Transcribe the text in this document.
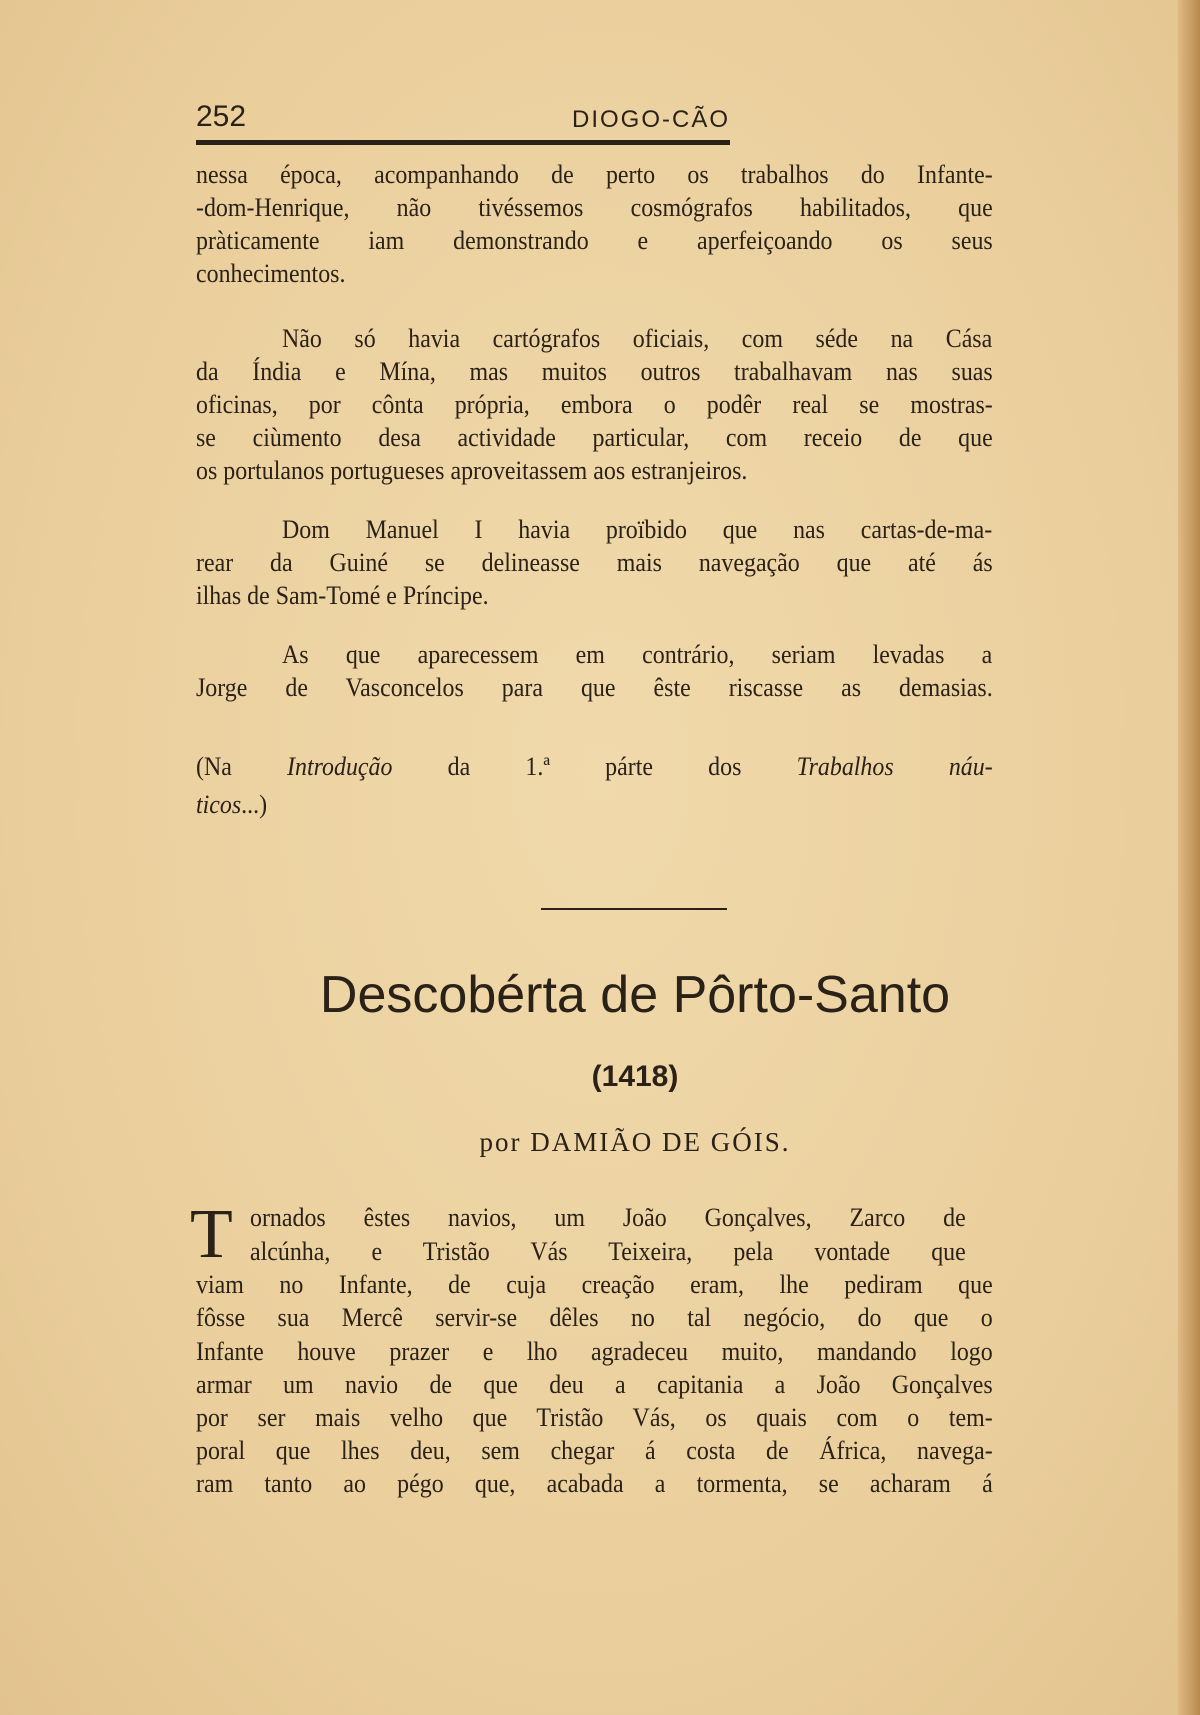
252	DIOGO-CÃO
nessa época, acompanhando de perto os trabalhos do Infante-
-dom-Henrique, não tivéssemos cosmógrafos habilitados, que
pràticamente iam demonstrando e aperfeiçoando os seus
conhecimentos.
Não só havia cartógrafos oficiais, com séde na Cása
da Índia e Mína, mas muitos outros trabalhavam nas suas
oficinas, por cônta própria, embora o podêr real se mostras-
se ciùmento desa actividade particular, com receio de que
os portulanos portugueses aproveitassem aos estranjeiros.
Dom Manuel I havia proïbido que nas cartas-de-ma-
rear da Guiné se delineasse mais navegação que até ás
ilhas de Sam-Tomé e Príncipe.
As que aparecessem em contrário, seriam levadas a
Jorge de Vasconcelos para que êste riscasse as demasias.
(Na Introdução da 1.ª párte dos Trabalhos náu-
ticos...)
Descobérta de Pôrto-Santo
(1418)
por DAMIÃO DE GÓIS.
T ornados êstes navios, um João Gonçalves, Zarco de
alcúnha, e Tristão Vás Teixeira, pela vontade que
viam no Infante, de cuja creação eram, lhe pediram que
fôsse sua Mercê servir-se dêles no tal negócio, do que o
Infante houve prazer e lho agradeceu muito, mandando logo
armar um navio de que deu a capitania a João Gonçalves
por ser mais velho que Tristão Vás, os quais com o tem-
poral que lhes deu, sem chegar á costa de África, navega-
ram tanto ao pégo que, acabada a tormenta, se acharam á
